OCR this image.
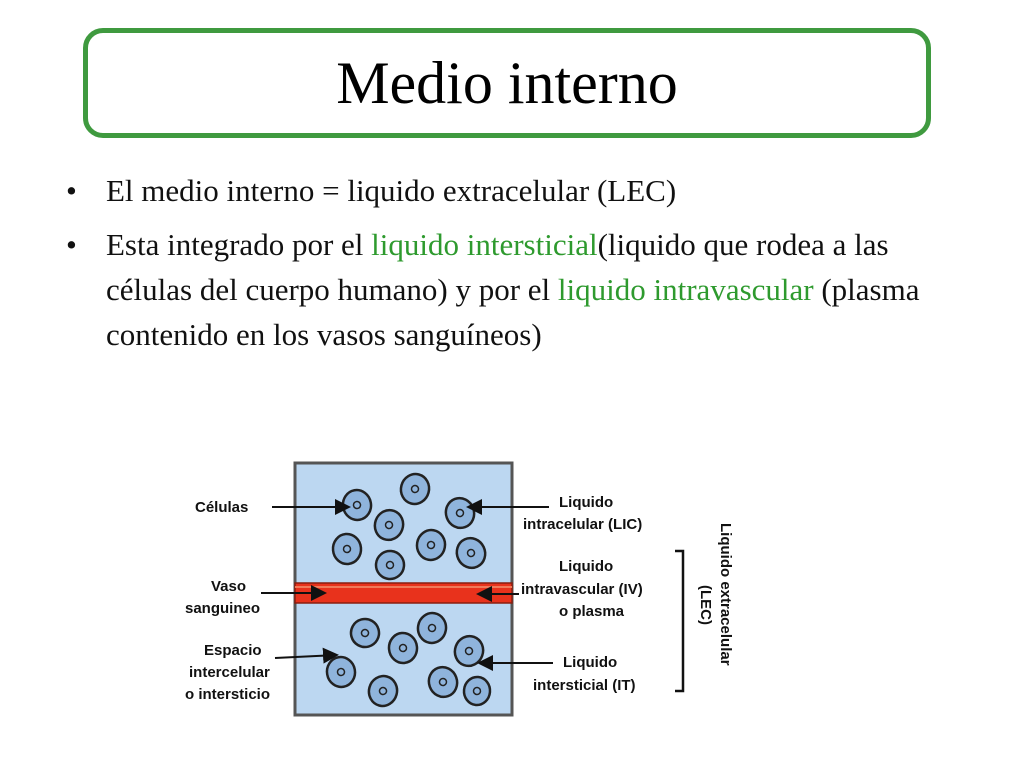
Medio interno
• El medio interno = liquido extracelular (LEC)
• Esta integrado por el liquido intersticial(liquido que rodea a las células del cuerpo humano) y por el liquido intravascular (plasma contenido en los vasos sanguíneos)
Células
Vaso
sanguineo
Espacio
intercelular
o intersticio
Liquido
intracelular (LIC)
Liquido
intravascular (IV)
o plasma
Liquido
intersticial (IT)
Liquido extracelular
(LEC)
